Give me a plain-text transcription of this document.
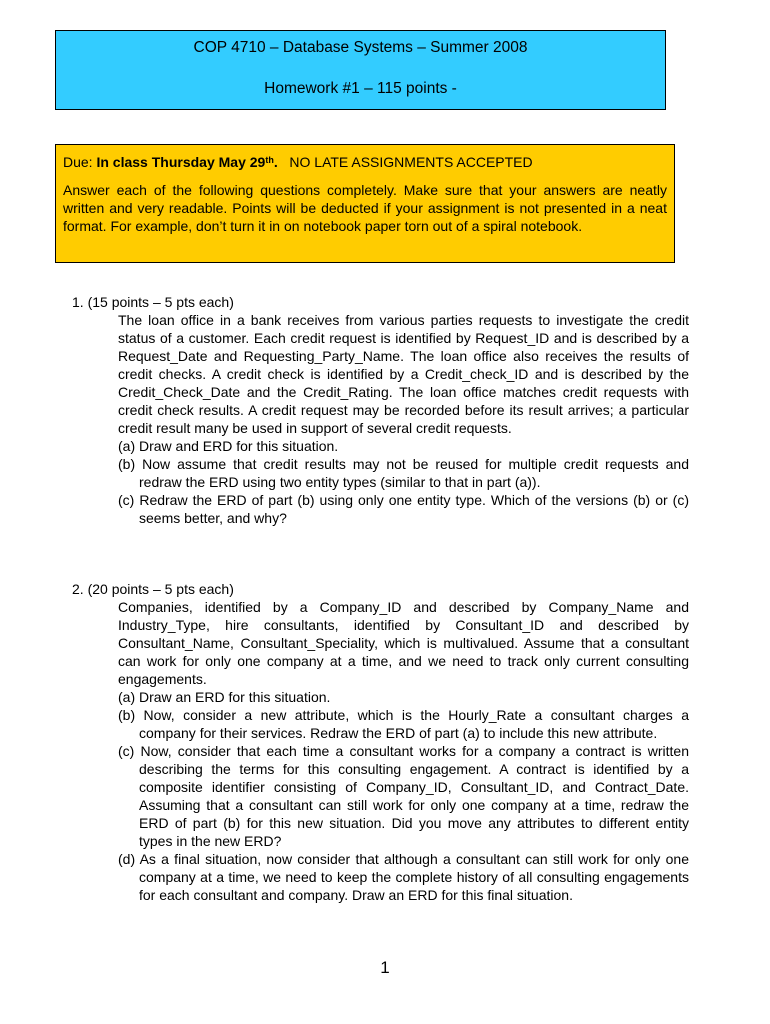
COP 4710 – Database Systems – Summer 2008
Homework #1 – 115 points -
Due: In class Thursday May 29th. NO LATE ASSIGNMENTS ACCEPTED
Answer each of the following questions completely. Make sure that your answers are neatly written and very readable. Points will be deducted if your assignment is not presented in a neat format. For example, don’t turn it in on notebook paper torn out of a spiral notebook.
1. (15 points – 5 pts each)
The loan office in a bank receives from various parties requests to investigate the credit status of a customer. Each credit request is identified by Request_ID and is described by a Request_Date and Requesting_Party_Name. The loan office also receives the results of credit checks. A credit check is identified by a Credit_check_ID and is described by the Credit_Check_Date and the Credit_Rating. The loan office matches credit requests with credit check results. A credit request may be recorded before its result arrives; a particular credit result many be used in support of several credit requests.
(a) Draw and ERD for this situation.
(b) Now assume that credit results may not be reused for multiple credit requests and redraw the ERD using two entity types (similar to that in part (a)).
(c) Redraw the ERD of part (b) using only one entity type. Which of the versions (b) or (c) seems better, and why?
2. (20 points – 5 pts each)
Companies, identified by a Company_ID and described by Company_Name and Industry_Type, hire consultants, identified by Consultant_ID and described by Consultant_Name, Consultant_Speciality, which is multivalued. Assume that a consultant can work for only one company at a time, and we need to track only current consulting engagements.
(a) Draw an ERD for this situation.
(b) Now, consider a new attribute, which is the Hourly_Rate a consultant charges a company for their services. Redraw the ERD of part (a) to include this new attribute.
(c) Now, consider that each time a consultant works for a company a contract is written describing the terms for this consulting engagement. A contract is identified by a composite identifier consisting of Company_ID, Consultant_ID, and Contract_Date. Assuming that a consultant can still work for only one company at a time, redraw the ERD of part (b) for this new situation. Did you move any attributes to different entity types in the new ERD?
(d) As a final situation, now consider that although a consultant can still work for only one company at a time, we need to keep the complete history of all consulting engagements for each consultant and company. Draw an ERD for this final situation.
1
